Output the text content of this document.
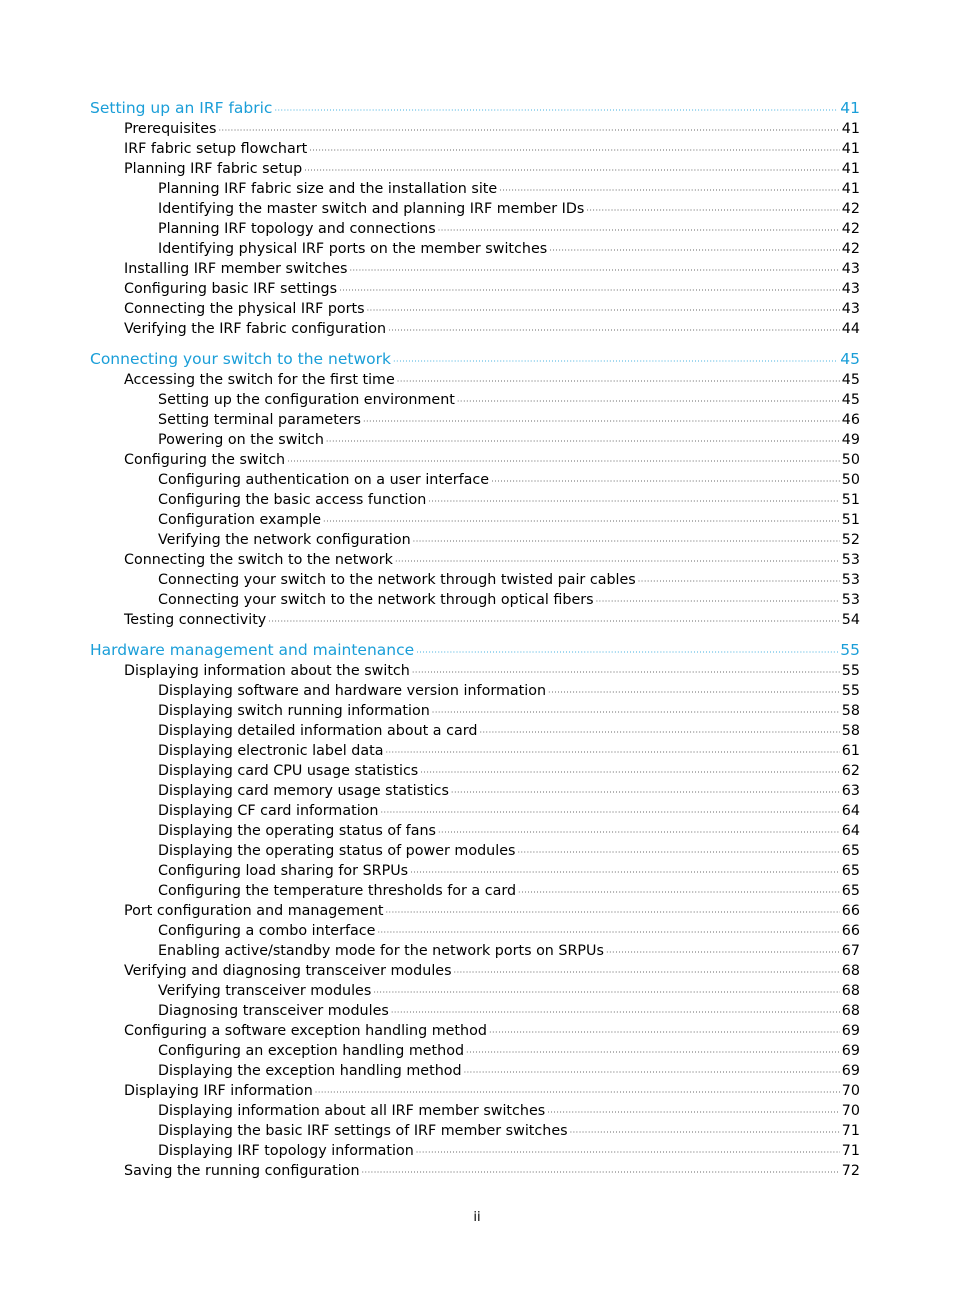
Setting up an IRF fabric ·····	41
Prerequisites ·····	41
IRF fabric setup flowchart ·····	41
Planning IRF fabric setup ·····	41
Planning IRF fabric size and the installation site ·····	41
Identifying the master switch and planning IRF member IDs ·····	42
Planning IRF topology and connections ·····	42
Identifying physical IRF ports on the member switches ·····	42
Installing IRF member switches ·····	43
Configuring basic IRF settings ·····	43
Connecting the physical IRF ports ·····	43
Verifying the IRF fabric configuration ·····	44
Connecting your switch to the network ·····	45
Accessing the switch for the first time ·····	45
Setting up the configuration environment ·····	45
Setting terminal parameters ·····	46
Powering on the switch ·····	49
Configuring the switch ·····	50
Configuring authentication on a user interface ·····	50
Configuring the basic access function ·····	51
Configuration example ·····	51
Verifying the network configuration ·····	52
Connecting the switch to the network ·····	53
Connecting your switch to the network through twisted pair cables ·····	53
Connecting your switch to the network through optical fibers ·····	53
Testing connectivity ·····	54
Hardware management and maintenance ·····	55
Displaying information about the switch ·····	55
Displaying software and hardware version information ·····	55
Displaying switch running information ·····	58
Displaying detailed information about a card ·····	58
Displaying electronic label data ·····	61
Displaying card CPU usage statistics ·····	62
Displaying card memory usage statistics ·····	63
Displaying CF card information ·····	64
Displaying the operating status of fans ·····	64
Displaying the operating status of power modules ·····	65
Configuring load sharing for SRPUs ·····	65
Configuring the temperature thresholds for a card ·····	65
Port configuration and management ·····	66
Configuring a combo interface ·····	66
Enabling active/standby mode for the network ports on SRPUs ·····	67
Verifying and diagnosing transceiver modules ·····	68
Verifying transceiver modules ·····	68
Diagnosing transceiver modules ·····	68
Configuring a software exception handling method ·····	69
Configuring an exception handling method ·····	69
Displaying the exception handling method ·····	69
Displaying IRF information ·····	70
Displaying information about all IRF member switches ·····	70
Displaying the basic IRF settings of IRF member switches ·····	71
Displaying IRF topology information ·····	71
Saving the running configuration ·····	72
ii
